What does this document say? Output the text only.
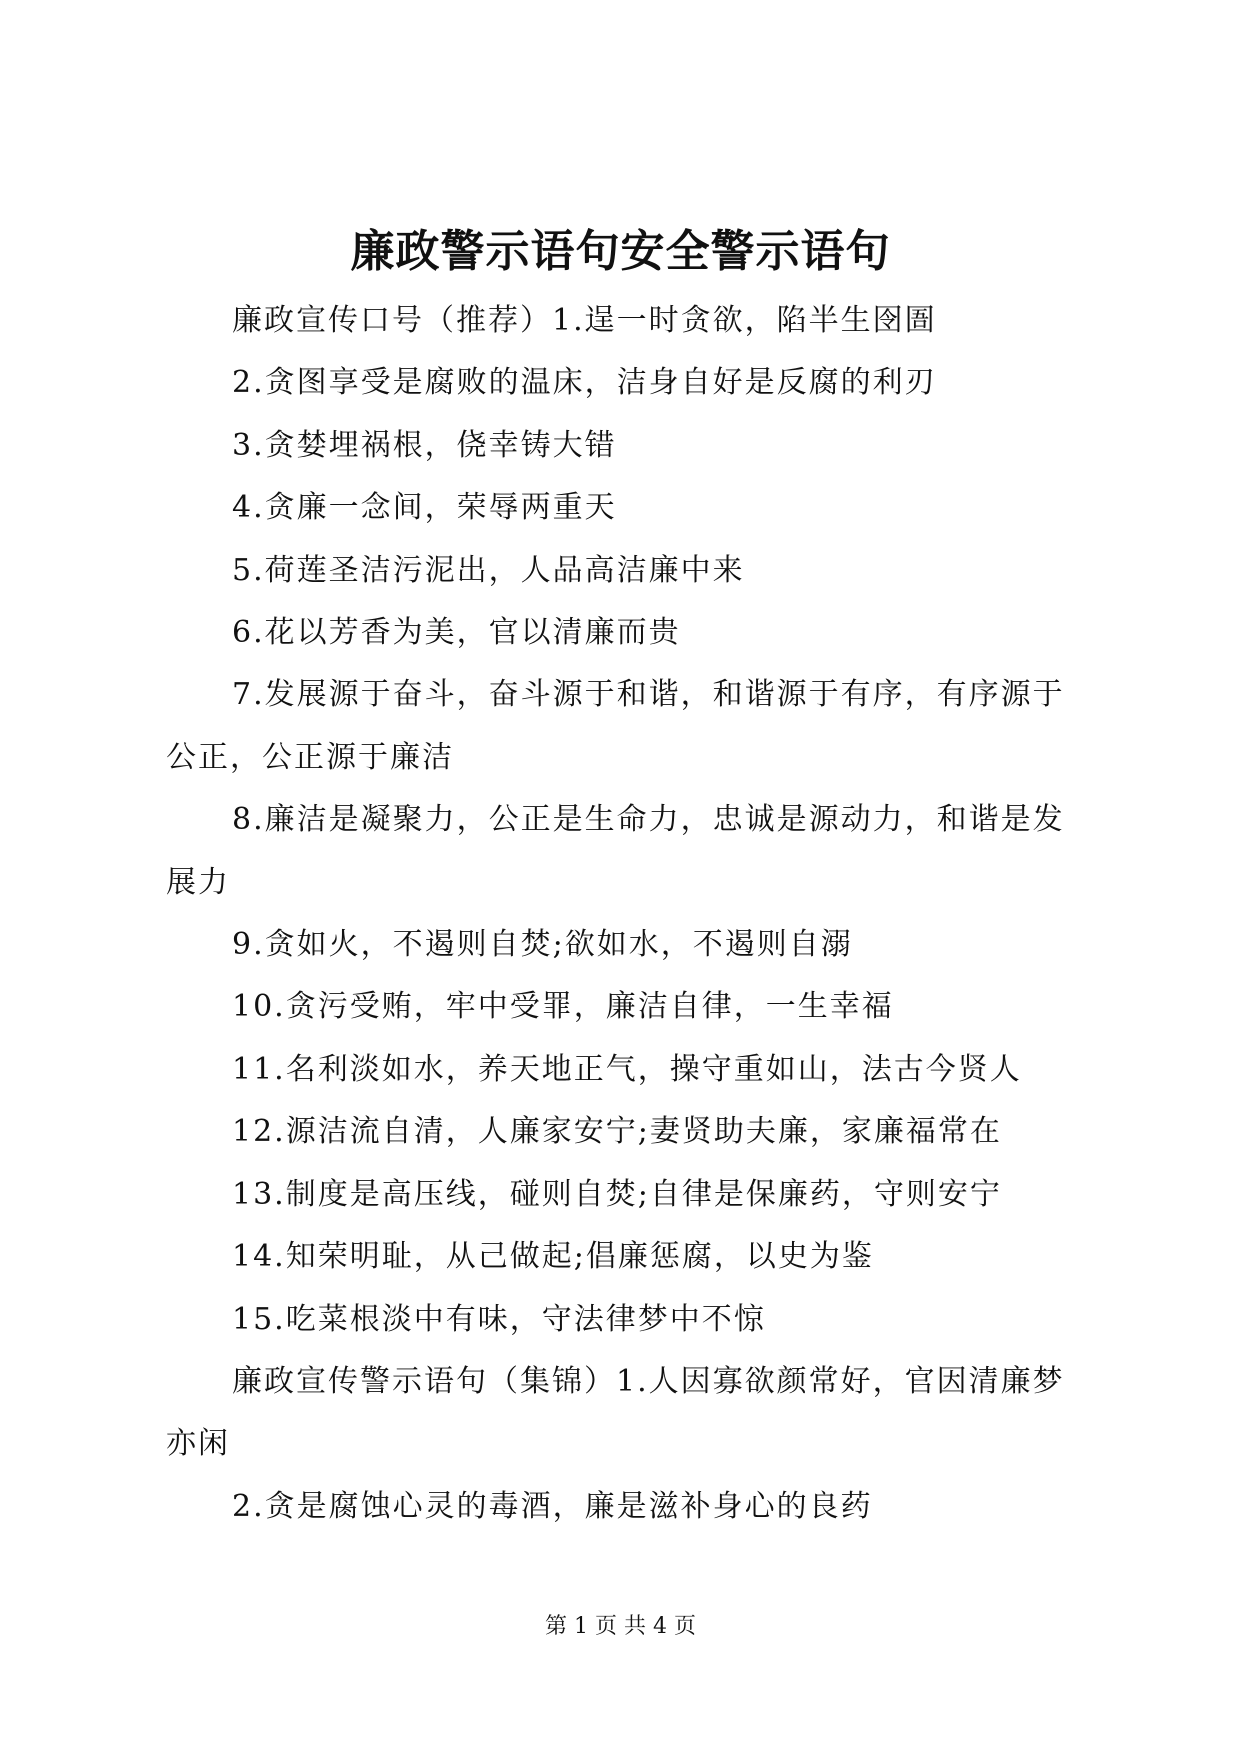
廉政警示语句安全警示语句

廉政宣传口号（推荐）1.逞一时贪欲，陷半生囹圄

2.贪图享受是腐败的温床，洁身自好是反腐的利刃

3.贪婪埋祸根，侥幸铸大错

4.贪廉一念间，荣辱两重天

5.荷莲圣洁污泥出，人品高洁廉中来

6.花以芳香为美，官以清廉而贵

7.发展源于奋斗，奋斗源于和谐，和谐源于有序，有序源于公正，公正源于廉洁

8.廉洁是凝聚力，公正是生命力，忠诚是源动力，和谐是发展力

9.贪如火，不遏则自焚;欲如水，不遏则自溺

10.贪污受贿，牢中受罪，廉洁自律，一生幸福

11.名利淡如水，养天地正气，操守重如山，法古今贤人

12.源洁流自清，人廉家安宁;妻贤助夫廉，家廉福常在

13.制度是高压线，碰则自焚;自律是保廉药，守则安宁

14.知荣明耻，从己做起;倡廉惩腐，以史为鉴

15.吃菜根淡中有味，守法律梦中不惊

廉政宣传警示语句（集锦）1.人因寡欲颜常好，官因清廉梦亦闲

2.贪是腐蚀心灵的毒酒，廉是滋补身心的良药

第 1 页 共 4 页
